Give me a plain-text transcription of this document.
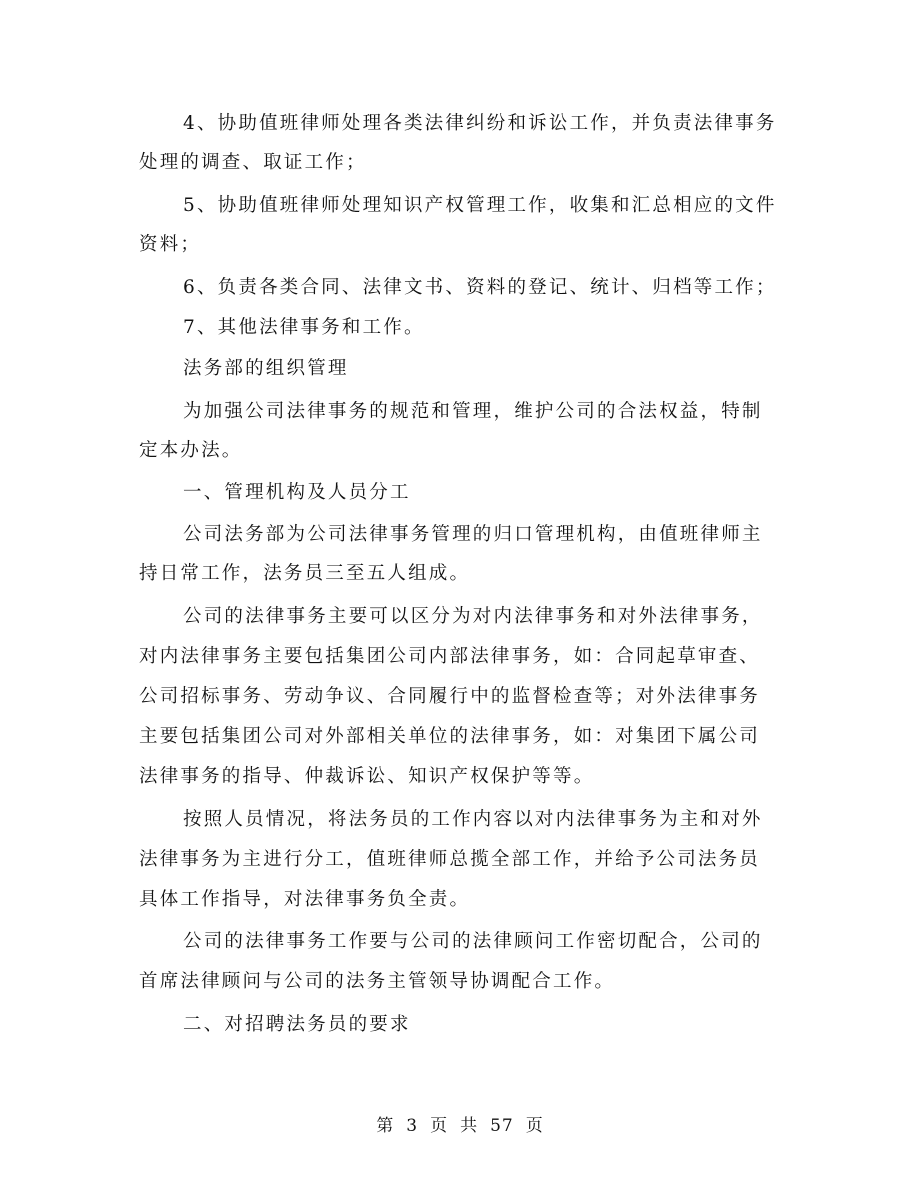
4、协助值班律师处理各类法律纠纷和诉讼工作，并负责法律事务
处理的调查、取证工作；
5、协助值班律师处理知识产权管理工作，收集和汇总相应的文件
资料；
6、负责各类合同、法律文书、资料的登记、统计、归档等工作；
7、其他法律事务和工作。
法务部的组织管理
为加强公司法律事务的规范和管理，维护公司的合法权益，特制
定本办法。
一、管理机构及人员分工
公司法务部为公司法律事务管理的归口管理机构，由值班律师主
持日常工作，法务员三至五人组成。
公司的法律事务主要可以区分为对内法律事务和对外法律事务，
对内法律事务主要包括集团公司内部法律事务，如：合同起草审查、
公司招标事务、劳动争议、合同履行中的监督检查等；对外法律事务
主要包括集团公司对外部相关单位的法律事务，如：对集团下属公司
法律事务的指导、仲裁诉讼、知识产权保护等等。
按照人员情况，将法务员的工作内容以对内法律事务为主和对外
法律事务为主进行分工，值班律师总揽全部工作，并给予公司法务员
具体工作指导，对法律事务负全责。
公司的法律事务工作要与公司的法律顾问工作密切配合，公司的
首席法律顾问与公司的法务主管领导协调配合工作。
二、对招聘法务员的要求
第 3 页 共 57 页
